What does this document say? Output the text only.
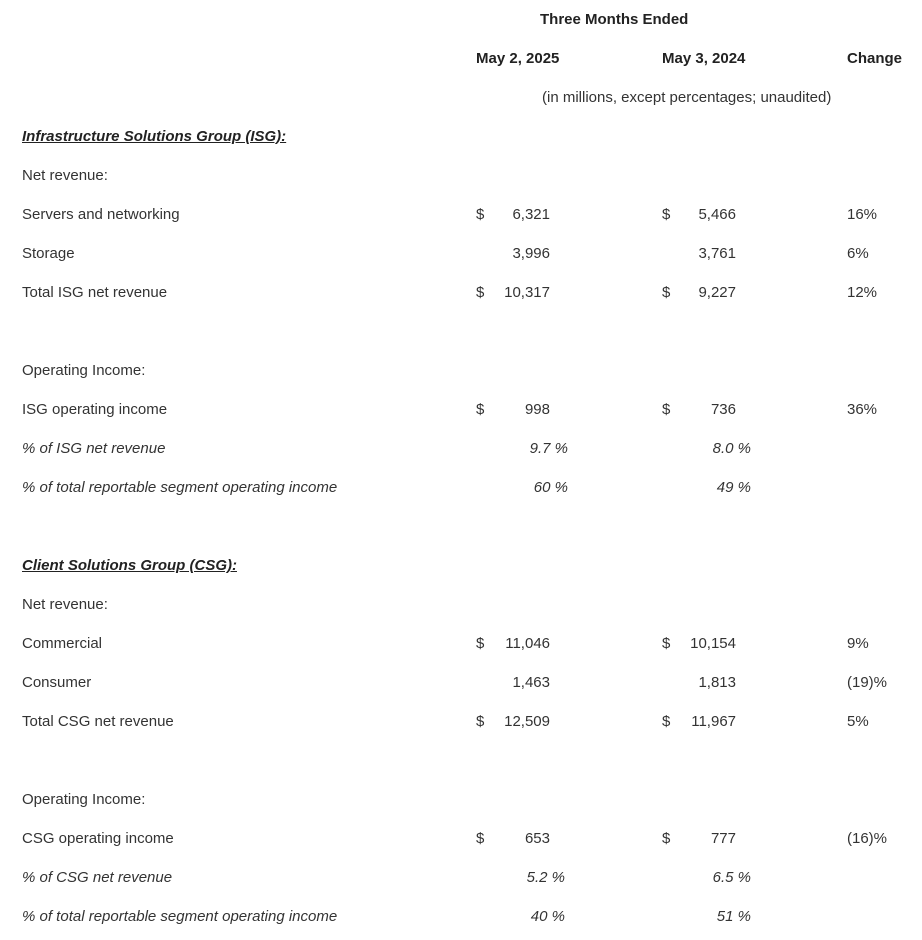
Three Months Ended
May 2, 2025	May 3, 2024	Change
(in millions, except percentages; unaudited)
Infrastructure Solutions Group (ISG):
Net revenue:
Servers and networking	$ 6,321	$ 5,466	16%
Storage	3,996	3,761	6%
Total ISG net revenue	$ 10,317	$ 9,227	12%
Operating Income:
ISG operating income	$	998	$	736	36%
% of ISG net revenue	9.7 %	8.0 %
% of total reportable segment operating income	60 %	49 %
Client Solutions Group (CSG):
Net revenue:
Commercial	$ 11,046	$ 10,154	9%
Consumer	1,463	1,813	(19)%
Total CSG net revenue	$ 12,509	$ 11,967	5%
Operating Income:
CSG operating income	$	653	$	777	(16)%
% of CSG net revenue	5.2 %	6.5 %
% of total reportable segment operating income	40 %	51 %
